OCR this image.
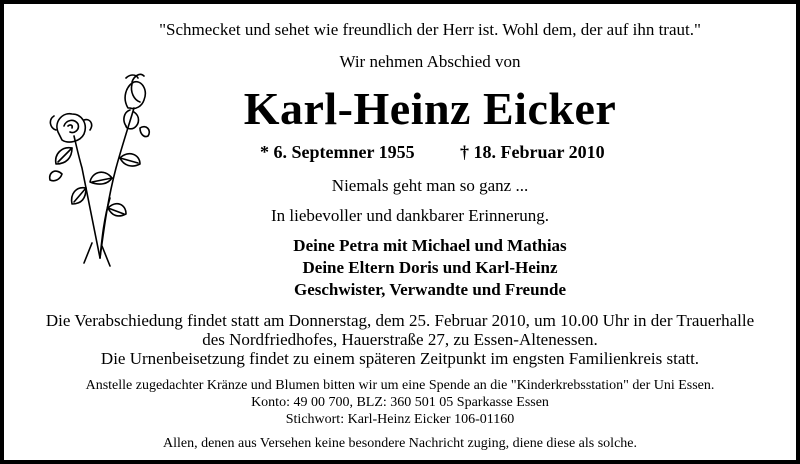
"Schmecket und sehet wie freundlich der Herr ist. Wohl dem, der auf ihn traut."
Wir nehmen Abschied von
Karl-Heinz Eicker
* 6. Septemner 1955	† 18. Februar 2010
Niemals geht man so ganz ...
In liebevoller und dankbarer Erinnerung.
Deine Petra mit Michael und Mathias
Deine Eltern Doris und Karl-Heinz
Geschwister, Verwandte und Freunde
Die Verabschiedung findet statt am Donnerstag, dem 25. Februar 2010, um 10.00 Uhr in der Trauerhalle
des Nordfriedhofes, Hauerstraße 27, zu Essen-Altenessen.
Die Urnenbeisetzung findet zu einem späteren Zeitpunkt im engsten Familienkreis statt.
Anstelle zugedachter Kränze und Blumen bitten wir um eine Spende an die "Kinderkrebsstation" der Uni Essen.
Konto: 49 00 700, BLZ: 360 501 05 Sparkasse Essen
Stichwort: Karl-Heinz Eicker 106-01160
Allen, denen aus Versehen keine besondere Nachricht zuging, diene diese als solche.
